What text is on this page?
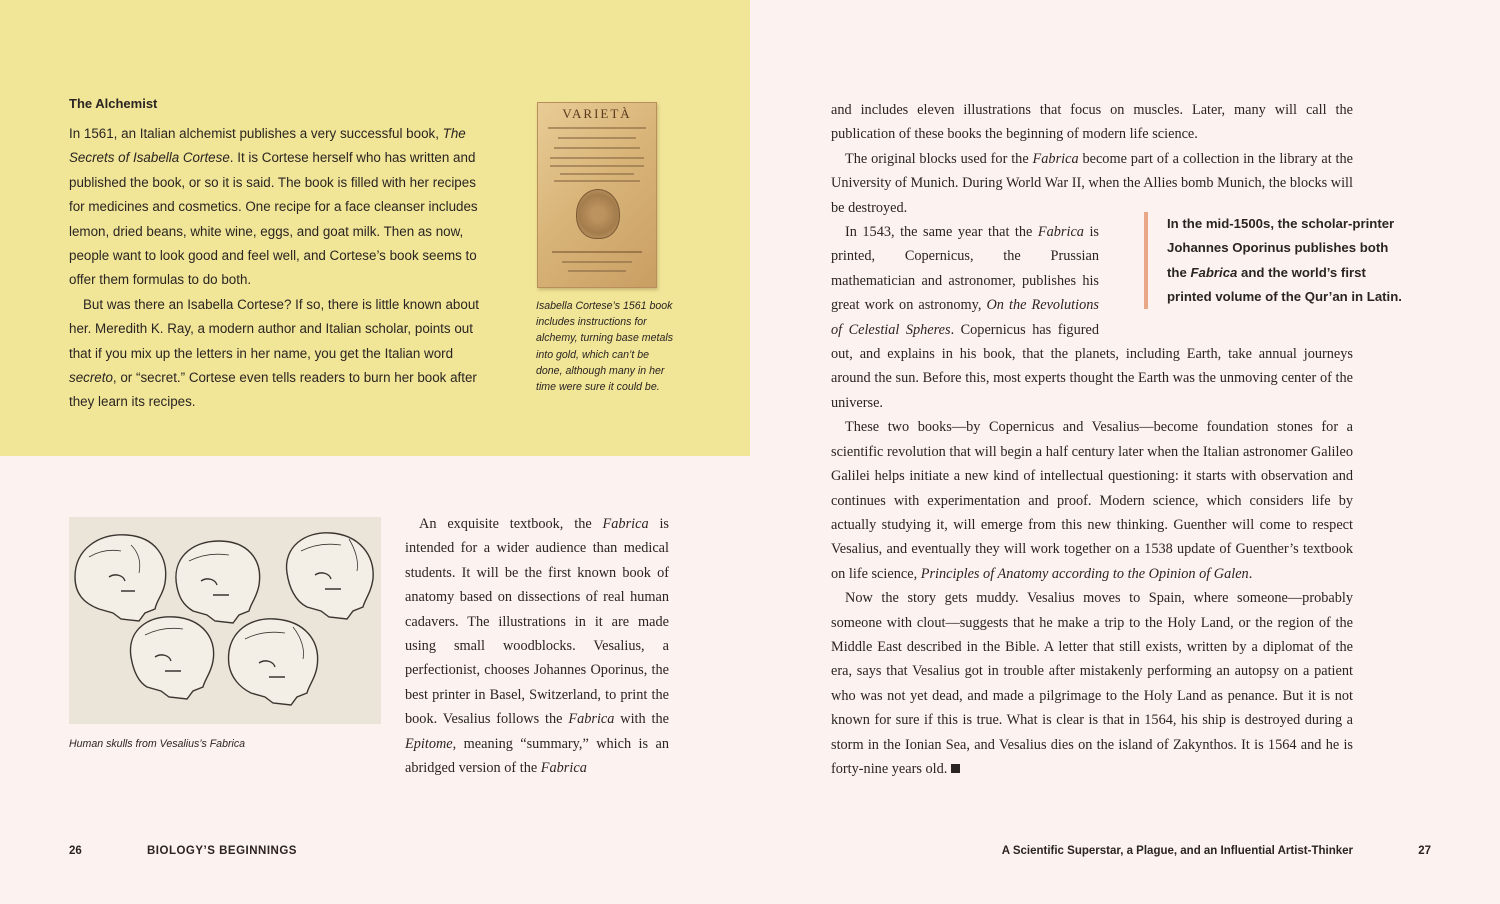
The Alchemist

In 1561, an Italian alchemist publishes a very successful book, The Secrets of Isabella Cortese. It is Cortese herself who has written and published the book, or so it is said. The book is filled with her recipes for medicines and cosmetics. One recipe for a face cleanser includes lemon, dried beans, white wine, eggs, and goat milk. Then as now, people want to look good and feel well, and Cortese’s book seems to offer them formulas to do both.

But was there an Isabella Cortese? If so, there is little known about her. Meredith K. Ray, a modern author and Italian scholar, points out that if you mix up the letters in her name, you get the Italian word secreto, or “secret.” Cortese even tells readers to burn her book after they learn its recipes.

VARIETÀ
Isabella Cortese’s 1561 book includes instructions for alchemy, turning base metals into gold, which can’t be done, although many in her time were sure it could be.
Human skulls from Vesalius’s Fabrica

An exquisite textbook, the Fabrica is intended for a wider audience than medical students. It will be the first known book of anatomy based on dissections of real human cadavers. The illustrations in it are made using small woodblocks. Vesalius, a perfectionist, chooses Johannes Oporinus, the best printer in Basel, Switzerland, to print the book. Vesalius follows the Fabrica with the Epitome, meaning “summary,” which is an abridged version of the Fabrica

and includes eleven illustrations that focus on muscles. Later, many will call the publication of these books the beginning of modern life science.

The original blocks used for the Fabrica become part of a collection in the library at the University of Munich. During World War II, when the Allies bomb Munich, the blocks will be destroyed.

In 1543, the same year that the Fabrica is printed, Copernicus, the Prussian mathematician and astronomer, publishes his great work on astronomy, On the Revolutions of Celestial Spheres. Copernicus has figured out, and explains in his book, that the planets, including Earth, take annual journeys around the sun. Before this, most experts thought the Earth was the unmoving center of the universe.

These two books—by Copernicus and Vesalius—become foundation stones for a scientific revolution that will begin a half century later when the Italian astronomer Galileo Galilei helps initiate a new kind of intellectual questioning: it starts with observation and continues with experimentation and proof. Modern science, which considers life by actually studying it, will emerge from this new thinking. Guenther will come to respect Vesalius, and eventually they will work together on a 1538 update of Guenther’s textbook on life science, Principles of Anatomy according to the Opinion of Galen.

Now the story gets muddy. Vesalius moves to Spain, where someone—probably someone with clout—suggests that he make a trip to the Holy Land, or the region of the Middle East described in the Bible. A letter that still exists, written by a diplomat of the era, says that Vesalius got in trouble after mistakenly performing an autopsy on a patient who was not yet dead, and made a pilgrimage to the Holy Land as penance. But it is not known for sure if this is true. What is clear is that in 1564, his ship is destroyed during a storm in the Ionian Sea, and Vesalius dies on the island of Zakynthos. It is 1564 and he is forty-nine years old.

In the mid-1500s, the scholar-printer Johannes Oporinus publishes both the Fabrica and the world’s first printed volume of the Qur’an in Latin.

26	BIOLOGY’S BEGINNINGS	A Scientific Superstar, a Plague, and an Influential Artist-Thinker	27
